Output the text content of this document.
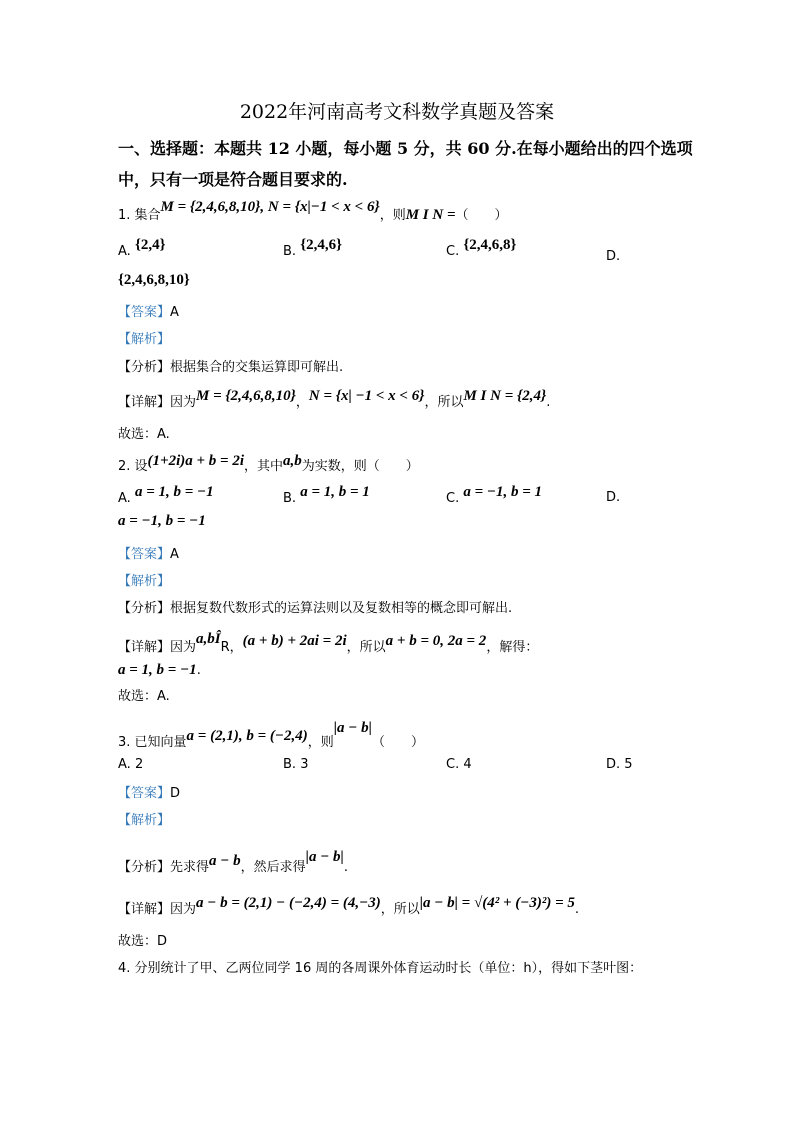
2022年河南高考文科数学真题及答案
一、选择题：本题共 12 小题，每小题 5 分，共 60 分.在每小题给出的四个选项
中，只有一项是符合题目要求的.
1. 集合M = {2,4,6,8,10}, N = {x|−1 < x < 6}，则M I N =（　　）
A. {2,4}	B. {2,4,6}	C. {2,4,6,8}
D.
{2,4,6,8,10}
【答案】A
【解析】
【分析】根据集合的交集运算即可解出.
【详解】因为M = {2,4,6,8,10}，N = {x| −1 < x < 6}，所以M I N = {2,4}.
故选：A.
2. 设(1+2i)a + b = 2i，其中a,b为实数，则（　　）
A. a = 1, b = −1	B. a = 1, b = 1	C. a = −1, b = 1	D.
a = −1, b = −1
【答案】A
【解析】
【分析】根据复数代数形式的运算法则以及复数相等的概念即可解出.
【详解】因为a,bÎR，(a + b) + 2ai = 2i，所以a + b = 0, 2a = 2，解得：
a = 1, b = −1.
故选：A.
3. 已知向量a = (2,1), b = (−2,4)，则|a − b|（　　）
A. 2	B. 3	C. 4	D. 5
【答案】D
【解析】
【分析】先求得a − b，然后求得|a − b|.
【详解】因为a − b = (2,1) − (−2,4) = (4,−3)，所以|a − b| = √(4² + (−3)²) = 5.
故选：D
4. 分别统计了甲、乙两位同学 16 周的各周课外体育运动时长（单位：h），得如下茎叶图：
